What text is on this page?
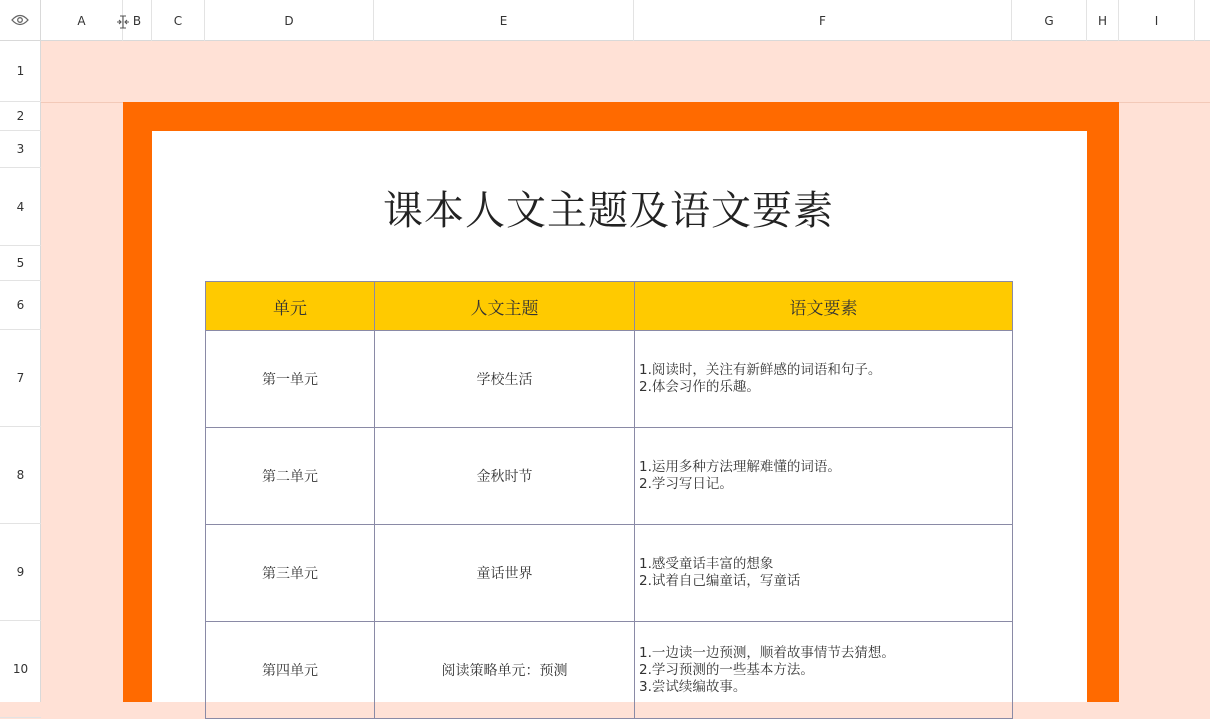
课本人文主题及语文要素
单元	人文主题	语文要素
第一单元	学校生活	1.阅读时，关注有新鲜感的词语和句子。
2.体会习作的乐趣。

第二单元	金秋时节	1.运用多种方法理解难懂的词语。
2.学习写日记。

第三单元	童话世界	1.感受童话丰富的想象
2.试着自己编童话，写童话

第四单元	阅读策略单元：预测	1.一边读一边预测，顺着故事情节去猜想。
2.学习预测的一些基本方法。
3.尝试续编故事。
A	B	C	D	E	F	G	H	I
1
2
3
4
5
6
7
8
9
10
